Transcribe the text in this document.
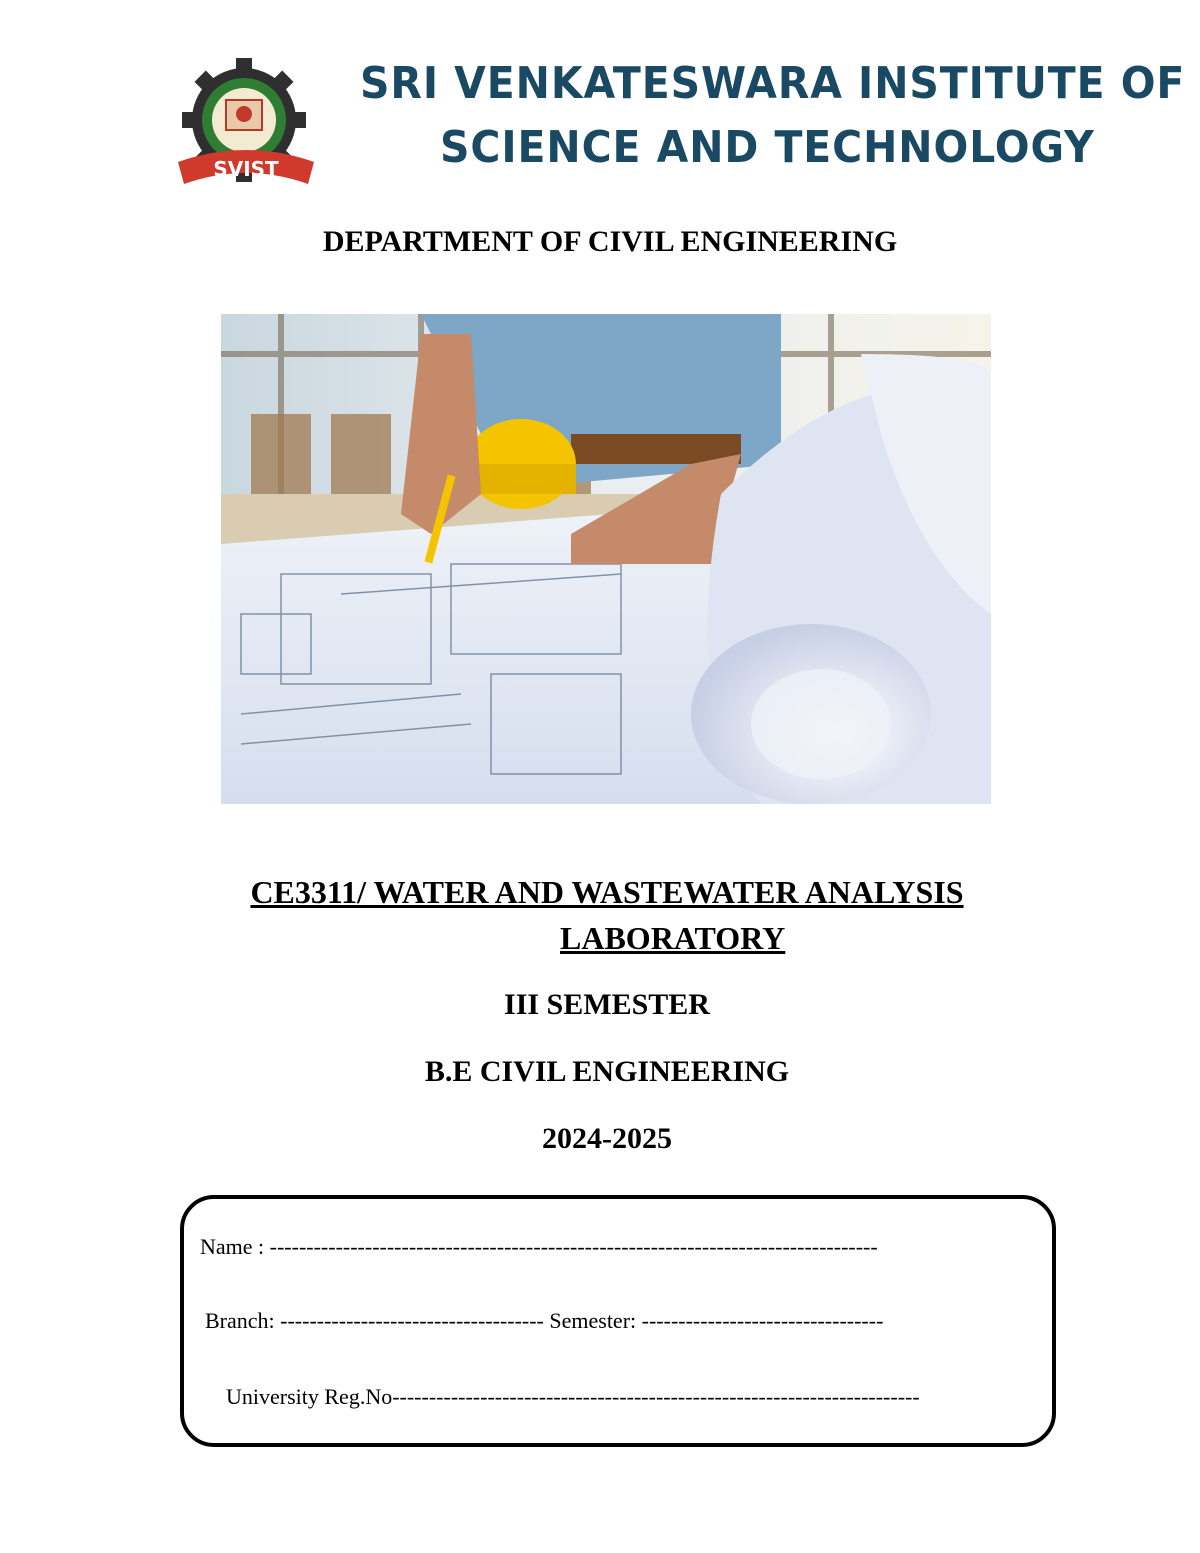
SVIST
SRI VENKATESWARA INSTITUTE OF
SCIENCE AND TECHNOLOGY
DEPARTMENT OF CIVIL ENGINEERING
CE3311/ WATER AND WASTEWATER ANALYSIS
LABORATORY
III SEMESTER
B.E CIVIL ENGINEERING
2024-2025
Name : -----------------------------------------------------------------------------------
Branch: ------------------------------------ Semester: ---------------------------------
University Reg.No------------------------------------------------------------------------
